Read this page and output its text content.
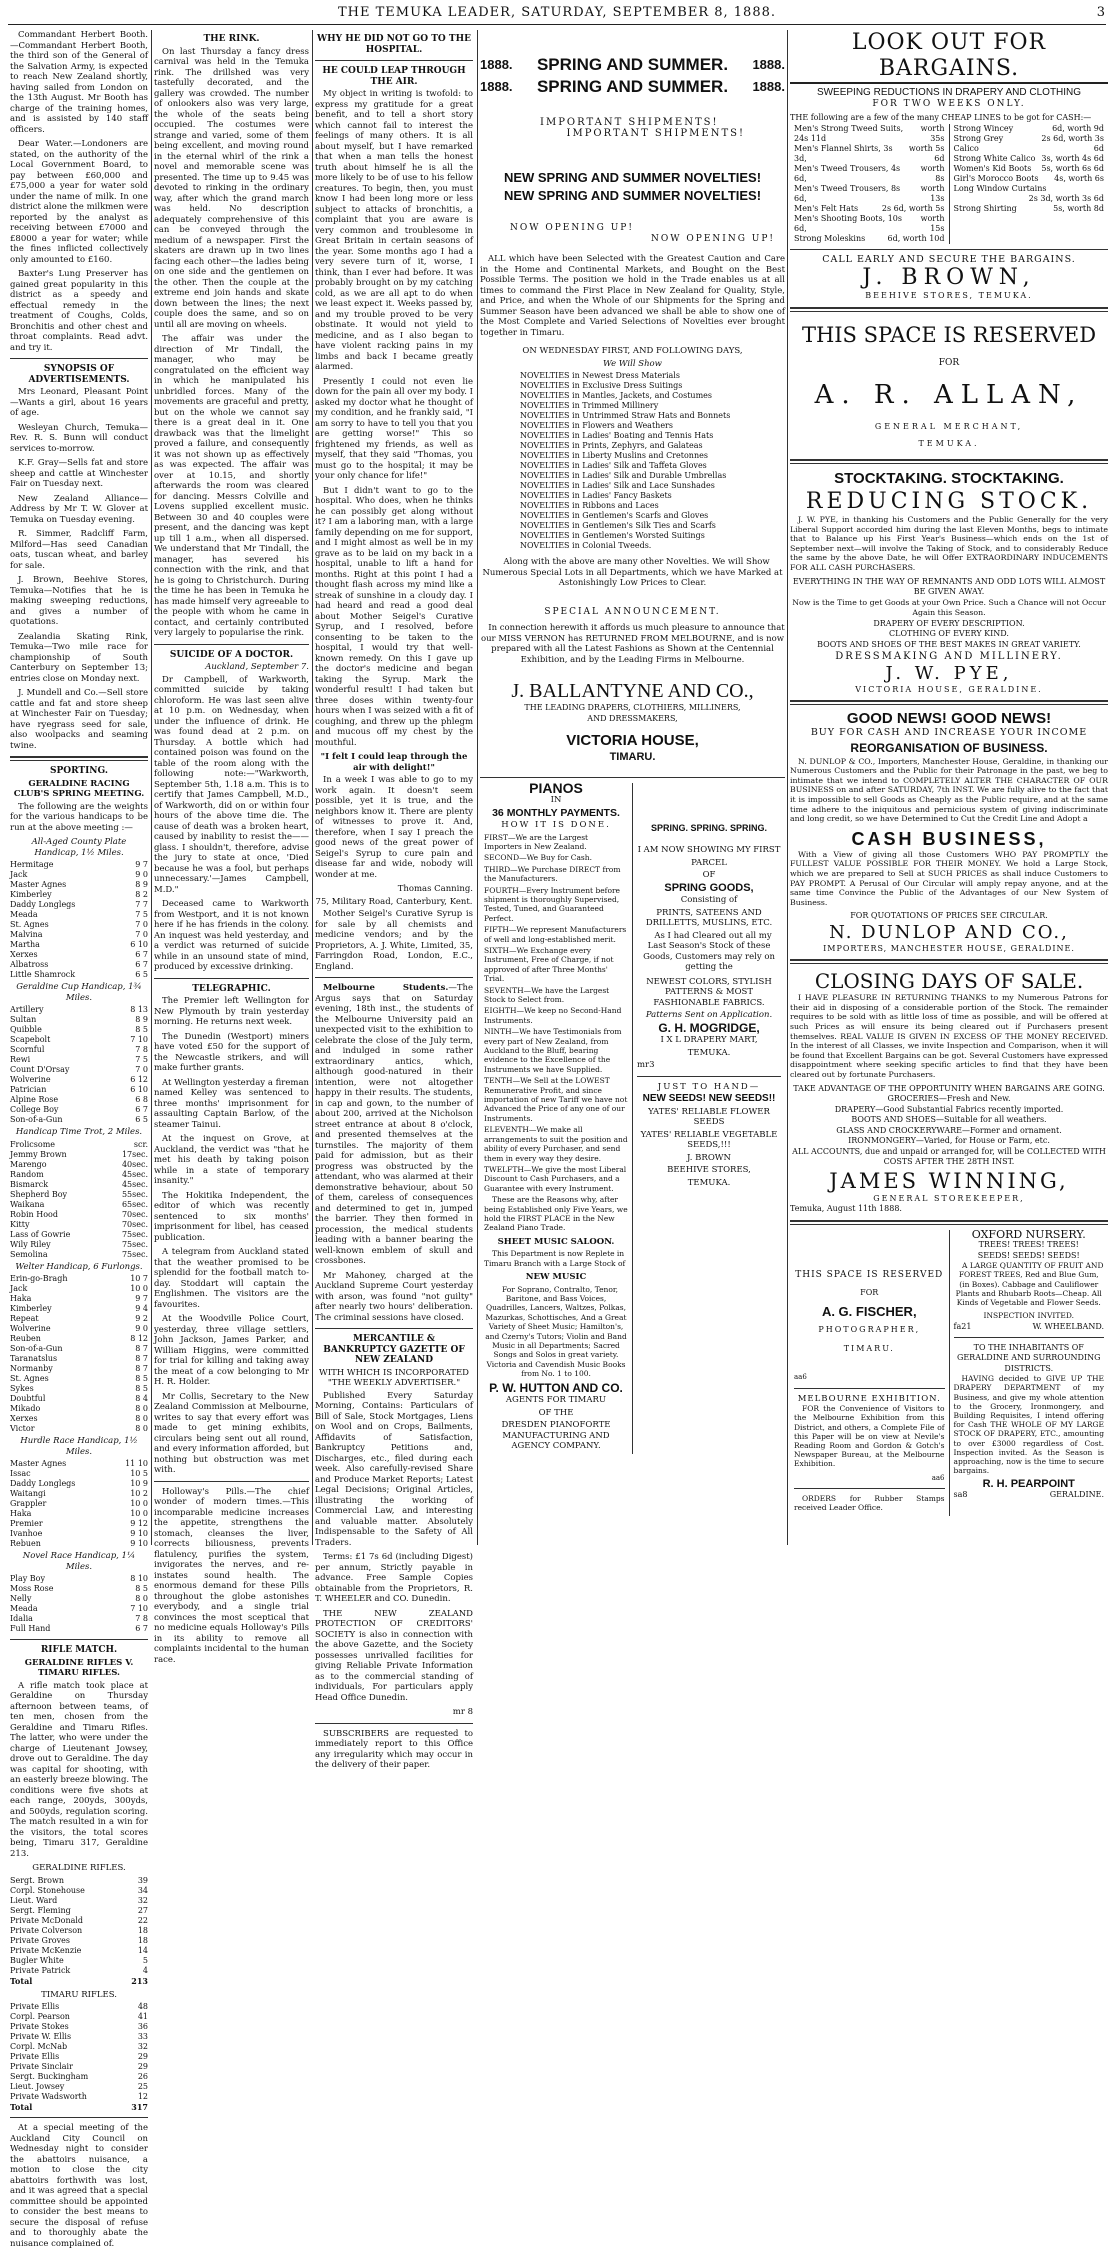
THE TEMUKA LEADER, SATURDAY, SEPTEMBER 8, 1888.	3

Commandant Herbert Booth.—Commandant Herbert Booth, the third son of the General of the Salvation Army, is expected to reach New Zealand shortly, having sailed from London on the 13th August. Mr Booth has charge of the training homes, and is assisted by 140 staff officers.

Dear Water.—Londoners are stated, on the authority of the Local Government Board, to pay between £60,000 and £75,000 a year for water sold under the name of milk. In one district alone the milkmen were reported by the analyst as receiving between £7000 and £8000 a year for water; while the fines inflicted collectively only amounted to £160.

Baxter's Lung Preserver has gained great popularity in this district as a speedy and effectual remedy in the treatment of Coughs, Colds, Bronchitis and other chest and throat complaints. Read advt. and try it.

SYNOPSIS OF ADVERTISEMENTS.

Mrs Leonard, Pleasant Point—Wants a girl, about 16 years of age.

Wesleyan Church, Temuka—Rev. R. S. Bunn will conduct services to-morrow.

K.F. Gray—Sells fat and store sheep and cattle at Winchester Fair on Tuesday next.

New Zealand Alliance—Address by Mr T. W. Glover at Temuka on Tuesday evening.

R. Simmer, Radcliff Farm, Milford—Has seed Canadian oats, tuscan wheat, and barley for sale.

J. Brown, Beehive Stores, Temuka—Notifies that he is making sweeping reductions, and gives a number of quotations.

Zealandia Skating Rink, Temuka—Two mile race for championship of South Canterbury on September 13; entries close on Monday next.

J. Mundell and Co.—Sell store cattle and fat and store sheep at Winchester Fair on Tuesday; have ryegrass seed for sale, also woolpacks and seaming twine.

SPORTING.
GERALDINE RACING CLUB'S SPRING MEETING.

The following are the weights for the various handicaps to be run at the above meeting :—

All-Aged County Plate Handicap, 1½ Miles.
Hermitage	9 7
Jack	9 0
Master Agnes	8 9
Kimberley	8 2
Daddy Longlegs	7 7
Meada	7 5
St. Agnes	7 0
Malvina	7 0
Martha	6 10
Xerxes	6 7
Albatross	6 7
Little Shamrock	6 5
Geraldine Cup Handicap, 1¾ Miles.
Artillery	8 13
Sultan	8 9
Quibble	8 5
Scapebolt	7 10
Scornful	7 8
Rewi	7 5
Count D'Orsay	7 0
Wolverine	6 12
Patrician	6 10
Alpine Rose	6 8
College Boy	6 7
Son-of-a-Gun	6 5
Handicap Time Trot, 2 Miles.
Frolicsome	scr.
Jemmy Brown	17sec.
Marengo	40sec.
Random	45sec.
Bismarck	45sec.
Shepherd Boy	55sec.
Waikana	65sec.
Robin Hood	70sec.
Kitty	70sec.
Lass of Gowrie	75sec.
Wily Riley	75sec.
Semolina	75sec.
Welter Handicap, 6 Furlongs.
Erin-go-Bragh	10 7
Jack	10 0
Haka	9 7
Kimberley	9 4
Repeat	9 2
Wolverine	9 0
Reuben	8 12
Son-of-a-Gun	8 7
Taranatslus	8 7
Normanby	8 7
St. Agnes	8 5
Sykes	8 5
Doubtful	8 4
Mikado	8 0
Xerxes	8 0
Victor	8 0
Hurdle Race Handicap, 1½ Miles.
Master Agnes	11 10
Issac	10 5
Daddy Longlegs	10 9
Waitangi	10 2
Grappler	10 0
Haka	10 0
Premier	9 12
Ivanhoe	9 10
Rebuen	9 10
Novel Race Handicap, 1¼ Miles.
Play Boy	8 10
Moss Rose	8 5
Nelly	8 0
Meada	7 10
Idalia	7 8
Full Hand	6 7
RIFLE MATCH.
GERALDINE RIFLES V. TIMARU RIFLES.

A rifle match took place at Geraldine on Thursday afternoon between teams, of ten men, chosen from the Geraldine and Timaru Rifles. The latter, who were under the charge of Lieutenant Jowsey, drove out to Geraldine. The day was capital for shooting, with an easterly breeze blowing. The conditions were five shots at each range, 200yds, 300yds, and 500yds, regulation scoring. The match resulted in a win for the visitors, the total scores being, Timaru 317, Geraldine 213.

GERALDINE RIFLES.
Sergt. Brown	39
Corpl. Stonehouse	34
Lieut. Ward	32
Sergt. Fleming	27
Private McDonald	22
Private Colverson	18
Private Groves	18
Private McKenzie	14
Bugler White	5
Private Patrick	4
Total	213
TIMARU RIFLES.
Private Ellis	48
Corpl. Pearson	41
Private Stokes	36
Private W. Ellis	33
Corpl. McNab	32
Private Ellis	29
Private Sinclair	29
Sergt. Buckingham	26
Lieut. Jowsey	25
Private Wadsworth	12
Total	317

At a special meeting of the Auckland City Council on Wednesday night to consider the abattoirs nuisance, a motion to close the city abattoirs forthwith was lost, and it was agreed that a special committee should be appointed to consider the best means to secure the disposal of refuse and to thoroughly abate the nuisance complained of.

THE RINK.

On last Thursday a fancy dress carnival was held in the Temuka rink. The drillshed was very tastefully decorated, and the gallery was crowded. The number of onlookers also was very large, the whole of the seats being occupied. The costumes were strange and varied, some of them being excellent, and moving round in the eternal whirl of the rink a novel and memorable scene was presented. The time up to 9.45 was devoted to rinking in the ordinary way, after which the grand march was held. No description adequately comprehensive of this can be conveyed through the medium of a newspaper. First the skaters are drawn up in two lines facing each other—the ladies being on one side and the gentlemen on the other. Then the couple at the extreme end join hands and skate down between the lines; the next couple does the same, and so on until all are moving on wheels.

The affair was under the direction of Mr Tindall, the manager, who may be congratulated on the efficient way in which he manipulated his unbridled forces. Many of the movements are graceful and pretty, but on the whole we cannot say there is a great deal in it. One drawback was that the limelight proved a failure, and consequently it was not shown up as effectively as was expected. The affair was over at 10.15, and shortly afterwards the room was cleared for dancing. Messrs Colville and Lovens supplied excellent music. Between 30 and 40 couples were present, and the dancing was kept up till 1 a.m., when all dispersed. We understand that Mr Tindall, the manager, has severed his connection with the rink, and that he is going to Christchurch. During the time he has been in Temuka he has made himself very agreeable to the people with whom he came in contact, and certainly contributed very largely to popularise the rink.

SUICIDE OF A DOCTOR.
Auckland, September 7.

Dr Campbell, of Warkworth, committed suicide by taking chloroform. He was last seen alive at 10 p.m. on Wednesday, when under the influence of drink. He was found dead at 2 p.m. on Thursday. A bottle which had contained poison was found on the table of the room along with the following note:—"Warkworth, September 5th, 1.18 a.m. This is to certify that James Campbell, M.D., of Warkworth, did on or within four hours of the above time die. The cause of death was a broken heart, caused by inability to resist the——glass. I shouldn't, therefore, advise the jury to state at once, 'Died because he was a fool, but perhaps unnecessary.'—James Campbell, M.D."

Deceased came to Warkworth from Westport, and it is not known here if he has friends in the colony. An inquest was held yesterday, and a verdict was returned of suicide while in an unsound state of mind, produced by excessive drinking.

TELEGRAPHIC.

The Premier left Wellington for New Plymouth by train yesterday morning. He returns next week.

The Dunedin (Westport) miners have voted £50 for the support of the Newcastle strikers, and will make further grants.

At Wellington yesterday a fireman named Kelley was sentenced to three months' imprisonment for assaulting Captain Barlow, of the steamer Tainui.

At the inquest on Grove, at Auckland, the verdict was "that he met his death by taking poison while in a state of temporary insanity."

The Hokitika Independent, the editor of which was recently sentenced to six months' imprisonment for libel, has ceased publication.

A telegram from Auckland stated that the weather promised to be splendid for the football match to-day. Stoddart will captain the Englishmen. The visitors are the favourites.

At the Woodville Police Court, yesterday, three village settlers, John Jackson, James Parker, and William Higgins, were committed for trial for killing and taking away the meat of a cow belonging to Mr H. R. Holder.

Mr Collis, Secretary to the New Zealand Commission at Melbourne, writes to say that every effort was made to get mining exhibits, circulars being sent out all round, and every information afforded, but nothing but obstruction was met with.

Holloway's Pills.—The chief wonder of modern times.—This incomparable medicine increases the appetite, strengthens the stomach, cleanses the liver, corrects biliousness, prevents flatulency, purifies the system, invigorates the nerves, and re-instates sound health. The enormous demand for these Pills throughout the globe astonishes everybody, and a single trial convinces the most sceptical that no medicine equals Holloway's Pills in its ability to remove all complaints incidental to the human race.

WHY HE DID NOT GO TO THE HOSPITAL.
HE COULD LEAP THROUGH THE AIR.

My object in writing is twofold: to express my gratitude for a great benefit, and to tell a short story which cannot fail to interest the feelings of many others. It is all about myself, but I have remarked that when a man tells the honest truth about himself he is all the more likely to be of use to his fellow creatures. To begin, then, you must know I had been long more or less subject to attacks of bronchitis, a complaint that you are aware is very common and troublesome in Great Britain in certain seasons of the year. Some months ago I had a very severe turn of it, worse, I think, than I ever had before. It was probably brought on by my catching cold, as we are all apt to do when we least expect it. Weeks passed by, and my trouble proved to be very obstinate. It would not yield to medicine, and as I also began to have violent racking pains in my limbs and back I became greatly alarmed.

Presently I could not even lie down for the pain all over my body. I asked my doctor what he thought of my condition, and he frankly said, "I am sorry to have to tell you that you are getting worse!" This so frightened my friends, as well as myself, that they said "Thomas, you must go to the hospital; it may be your only chance for life!"

But I didn't want to go to the hospital. Who does, when he thinks he can possibly get along without it? I am a laboring man, with a large family depending on me for support, and I might almost as well be in my grave as to be laid on my back in a hospital, unable to lift a hand for months. Right at this point I had a thought flash across my mind like a streak of sunshine in a cloudy day. I had heard and read a good deal about Mother Seigel's Curative Syrup, and I resolved, before consenting to be taken to the hospital, I would try that well-known remedy. On this I gave up the doctor's medicine and began taking the Syrup. Mark the wonderful result! I had taken but three doses within twenty-four hours when I was seized with a fit of coughing, and threw up the phlegm and mucous off my chest by the mouthful.

"I felt I could leap through the air with delight!"

In a week I was able to go to my work again. It doesn't seem possible, yet it is true, and the neighbors know it. There are plenty of witnesses to prove it. And, therefore, when I say I preach the good news of the great power of Seigel's Syrup to cure pain and disease far and wide, nobody will wonder at me.

Thomas Canning.
75, Military Road, Canterbury, Kent.

Mother Seigel's Curative Syrup is for sale by all chemists and medicine vendors; and by the Proprietors, A. J. White, Limited, 35, Farringdon Road, London, E.C., England.

Melbourne Students.—The Argus says that on Saturday evening, 18th inst., the students of the Melbourne University paid an unexpected visit to the exhibition to celebrate the close of the July term, and indulged in some rather extraordinary antics, which, although good-natured in their intention, were not altogether happy in their results. The students, in cap and gown, to the number of about 200, arrived at the Nicholson street entrance at about 8 o'clock, and presented themselves at the turnstiles. The majority of them paid for admission, but as their progress was obstructed by the attendant, who was alarmed at their demonstrative behaviour, about 50 of them, careless of consequences and determined to get in, jumped the barrier. They then formed in procession, the medical students leading with a banner bearing the well-known emblem of skull and crossbones.

Mr Mahoney, charged at the Auckland Supreme Court yesterday with arson, was found "not guilty" after nearly two hours' deliberation. The criminal sessions have closed.

MERCANTILE & BANKRUPTCY GAZETTE OF NEW ZEALAND
WITH WHICH IS INCORPORATED "THE WEEKLY ADVERTISER."

Published Every Saturday Morning, Contains: Particulars of Bill of Sale, Stock Mortgages, Liens on Wool and on Crops, Bailments, Affidavits of Satisfaction, Bankruptcy Petitions and, Discharges, etc., filed during each week. Also carefully-revised Share and Produce Market Reports; Latest Legal Decisions; Original Articles, illustrating the working of Commercial Law, and interesting and valuable matter. Absolutely Indispensable to the Safety of All Traders.

Terms: £1 7s 6d (including Digest) per annum, Strictly payable in advance. Free Sample Copies obtainable from the Proprietors, R. T. WHEELER and CO. Dunedin.

THE NEW ZEALAND PROTECTION OF CREDITORS' SOCIETY is also in connection with the above Gazette, and the Society possesses unrivalled facilities for giving Reliable Private Information as to the commercial standing of individuals, For particulars apply Head Office Dunedin.

mr 8

SUBSCRIBERS are requested to immediately report to this Office any irregularity which may occur in the delivery of their paper.

1888. SPRING AND SUMMER. 1888.
1888. SPRING AND SUMMER. 1888.
IMPORTANT SHIPMENTS!
IMPORTANT SHIPMENTS!
NEW SPRING AND SUMMER NOVELTIES!
NEW SPRING AND SUMMER NOVELTIES!
NOW OPENING UP!
NOW OPENING UP!

ALL which have been Selected with the Greatest Caution and Care in the Home and Continental Markets, and Bought on the Best Possible Terms. The position we hold in the Trade enables us at all times to command the First Place in New Zealand for Quality, Style, and Price, and when the Whole of our Shipments for the Spring and Summer Season have been advanced we shall be able to show one of the Most Complete and Varied Selections of Novelties ever brought together in Timaru.

ON WEDNESDAY FIRST, AND FOLLOWING DAYS,
We Will Show
NOVELTIES in Newest Dress Materials
NOVELTIES in Exclusive Dress Suitings
NOVELTIES in Mantles, Jackets, and Costumes
NOVELTIES in Trimmed Millinery
NOVELTIES in Untrimmed Straw Hats and Bonnets
NOVELTIES in Flowers and Weathers
NOVELTIES in Ladies' Boating and Tennis Hats
NOVELTIES in Prints, Zephyrs, and Galateas
NOVELTIES in Liberty Muslins and Cretonnes
NOVELTIES in Ladies' Silk and Taffeta Gloves
NOVELTIES in Ladies' Silk and Durable Umbrellas
NOVELTIES in Ladies' Silk and Lace Sunshades
NOVELTIES in Ladies' Fancy Baskets
NOVELTIES in Ribbons and Laces
NOVELTIES in Gentlemen's Scarfs and Gloves
NOVELTIES in Gentlemen's Silk Ties and Scarfs
NOVELTIES in Gentlemen's Worsted Suitings
NOVELTIES in Colonial Tweeds.

Along with the above are many other Novelties. We will Show Numerous Special Lots in all Departments, which we have Marked at Astonishingly Low Prices to Clear.

SPECIAL ANNOUNCEMENT.

In connection herewith it affords us much pleasure to announce that our MISS VERNON has RETURNED FROM MELBOURNE, and is now prepared with all the Latest Fashions as Shown at the Centennial Exhibition, and by the Leading Firms in Melbourne.

J. BALLANTYNE AND CO.,
THE LEADING DRAPERS, CLOTHIERS, MILLINERS,
AND DRESSMAKERS,
VICTORIA HOUSE,
TIMARU.
PIANOS
IN
36 MONTHLY PAYMENTS.
HOW IT IS DONE.
FIRST—We are the Largest Importers in New Zealand.
SECOND—We Buy for Cash.
THIRD—We Purchase DIRECT from the Manufacturers.
FOURTH—Every Instrument before shipment is thoroughly Supervised, Tested, Tuned, and Guaranteed Perfect.
FIFTH—We represent Manufacturers of well and long-established merit.
SIXTH—We Exchange every Instrument, Free of Charge, if not approved of after Three Months' Trial.
SEVENTH—We have the Largest Stock to Select from.
EIGHTH—We keep no Second-Hand Instruments.
NINTH—We have Testimonials from every part of New Zealand, from Auckland to the Bluff, bearing evidence to the Excellence of the Instruments we have Supplied.
TENTH—We Sell at the LOWEST Remunerative Profit, and since importation of new Tariff we have not Advanced the Price of any one of our Instruments.
ELEVENTH—We make all arrangements to suit the position and ability of every Purchaser, and send them in every way they desire.
TWELFTH—We give the most Liberal Discount to Cash Purchasers, and a Guarantee with every Instrument.

These are the Reasons why, after being Established only Five Years, we hold the FIRST PLACE in the New Zealand Piano Trade.

SHEET MUSIC SALOON.

This Department is now Replete in Timaru Branch with a Large Stock of

NEW MUSIC

For Soprano, Contralto, Tenor, Baritone, and Bass Voices, Quadrilles, Lancers, Waltzes, Polkas, Mazurkas, Schottisches, And a Great Variety of Sheet Music; Hamilton's, and Czerny's Tutors; Violin and Band Music in all Departments; Sacred Songs and Solos in great variety. Victoria and Cavendish Music Books from No. 1 to 100.

P. W. HUTTON AND CO.
AGENTS FOR TIMARU
OF THE
DRESDEN PIANOFORTE MANUFACTURING AND AGENCY COMPANY.
SPRING. SPRING. SPRING.
I AM NOW SHOWING MY FIRST
PARCEL
OF
SPRING GOODS,
Consisting of
PRINTS, SATEENS AND DRILLETTS, MUSLINS, ETC.

As I had Cleared out all my Last Season's Stock of these Goods, Customers may rely on getting the

NEWEST COLORS, STYLISH PATTERNS & MOST FASHIONABLE FABRICS.
Patterns Sent on Application.
G. H. MOGRIDGE,
I X L DRAPERY MART,
TEMUKA.
mr3
JUST TO HAND—
NEW SEEDS! NEW SEEDS!!
YATES' RELIABLE FLOWER SEEDS
YATES' RELIABLE VEGETABLE SEEDS,!!!
J. BROWN
BEEHIVE STORES,
TEMUKA.
LOOK OUT FOR BARGAINS.
SWEEPING REDUCTIONS IN DRAPERY AND CLOTHING
FOR TWO WEEKS ONLY.
THE following are a few of the many CHEAP LINES to be got for CASH:—
Men's Strong Tweed Suits, 24s 11d
worth 35s
Men's Flannel Shirts, 3s 3d,
worth 5s 6d
Men's Tweed Trousers, 4s 6d,
worth 8s
Men's Tweed Trousers, 8s 6d,
worth 13s
Men's Felt Hats	2s 6d, worth 5s
Men's Shooting Boots, 10s 6d,
worth 15s
Strong Moleskins	6d, worth 10d
Strong Wincey	6d, worth 9d
Strong Grey Calico
2s 6d, worth 3s 6d
Strong White Calico 3s, worth 4s 6d
Women's Kid Boots 5s, worth 6s 6d
Girl's Morocco Boots 4s, worth 6s
Long Window Curtains
2s 3d, worth 3s 6d
Strong Shirting	5s, worth 8d
CALL EARLY AND SECURE THE BARGAINS.
J. BROWN,
BEEHIVE STORES, TEMUKA.
THIS SPACE IS RESERVED
FOR
A. R. ALLAN,
GENERAL MERCHANT,
TEMUKA.
STOCKTAKING. STOCKTAKING.
REDUCING STOCK.

J. W. PYE, in thanking his Customers and the Public Generally for the very Liberal Support accorded him during the last Eleven Months, begs to intimate that to Balance up his First Year's Business—which ends on the 1st of September next—will involve the Taking of Stock, and to considerably Reduce the same by the above Date, he will Offer EXTRAORDINARY INDUCEMENTS FOR ALL CASH PURCHASERS.

EVERYTHING IN THE WAY OF REMNANTS AND ODD LOTS WILL ALMOST BE GIVEN AWAY.
Now is the Time to get Goods at your Own Price. Such a Chance will not Occur Again this Season.
DRAPERY OF EVERY DESCRIPTION.
CLOTHING OF EVERY KIND.
BOOTS AND SHOES OF THE BEST MAKES IN GREAT VARIETY.
DRESSMAKING AND MILLINERY.
J. W. PYE,
VICTORIA HOUSE, GERALDINE.
GOOD NEWS! GOOD NEWS!
BUY FOR CASH AND INCREASE YOUR INCOME
REORGANISATION OF BUSINESS.

N. DUNLOP & CO., Importers, Manchester House, Geraldine, in thanking our Numerous Customers and the Public for their Patronage in the past, we beg to intimate that we intend to COMPLETELY ALTER THE CHARACTER OF OUR BUSINESS on and after SATURDAY, 7th INST. We are fully alive to the fact that it is impossible to sell Goods as Cheaply as the Public require, and at the same time adhere to the iniquitous and pernicious system of giving indiscriminate and long credit, so we have Determined to Cut the Credit Line and Adopt a

CASH BUSINESS,

With a View of giving all those Customers WHO PAY PROMPTLY the FULLEST VALUE POSSIBLE FOR THEIR MONEY. We hold a Large Stock, which we are prepared to Sell at SUCH PRICES as shall induce Customers to PAY PROMPT. A Perusal of Our Circular will amply repay anyone, and at the same time Convince the Public of the Advantages of our New System of Business.

FOR QUOTATIONS OF PRICES SEE CIRCULAR.
N. DUNLOP AND CO.,
IMPORTERS, MANCHESTER HOUSE, GERALDINE.
CLOSING DAYS OF SALE.

I HAVE PLEASURE IN RETURNING THANKS to my Numerous Patrons for their aid in disposing of a considerable portion of the Stock. The remainder requires to be sold with as little loss of time as possible, and will be offered at such Prices as will ensure its being cleared out if Purchasers present themselves. REAL VALUE IS GIVEN IN EXCESS OF THE MONEY RECEIVED. In the interest of all Classes, we invite Inspection and Comparison, when it will be found that Excellent Bargains can be got. Several Customers have expressed disappointment where seeking specific articles to find that they have been cleared out by fortunate Purchasers.

TAKE ADVANTAGE OF THE OPPORTUNITY WHEN BARGAINS ARE GOING.
GROCERIES—Fresh and New.
DRAPERY—Good Substantial Fabrics recently imported.
BOOTS AND SHOES—Suitable for all weathers.
GLASS AND CROCKERYWARE—Former and ornament.
IRONMONGERY—Varied, for House or Farm, etc.
ALL ACCOUNTS, due and unpaid or arranged for, will be COLLECTED WITH COSTS AFTER THE 28TH INST.
JAMES WINNING,
GENERAL STOREKEEPER,
Temuka, August 11th 1888.
THIS SPACE IS RESERVED
FOR
A. G. FISCHER,
PHOTOGRAPHER,
TIMARU.
aa6
MELBOURNE EXHIBITION.

FOR the Convenience of Visitors to the Melbourne Exhibition from this District, and others, a Complete File of this Paper will be on view at Nevile's Reading Room and Gordon & Gotch's Newspaper Bureau, at the Melbourne Exhibition.

aa6

ORDERS for Rubber Stamps received Leader Office.

OXFORD NURSERY.
TREES! TREES! TREES!
SEEDS! SEEDS! SEEDS!

A LARGE QUANTITY OF FRUIT AND FOREST TREES, Red and Blue Gum, (in Boxes). Cabbage and Cauliflower Plants and Rhubarb Roots—Cheap. All Kinds of Vegetable and Flower Seeds.

INSPECTION INVITED.
fa21	W. WHEELBAND.
TO THE INHABITANTS OF GERALDINE AND SURROUNDING DISTRICTS.

HAVING decided to GIVE UP THE DRAPERY DEPARTMENT of my Business, and give my whole attention to the Grocery, Ironmongery, and Building Requisites, I intend offering for Cash THE WHOLE OF MY LARGE STOCK OF DRAPERY, ETC., amounting to over £3000 regardless of Cost. Inspection invited. As the Season is approaching, now is the time to secure bargains.

R. H. PEARPOINT
sa8	GERALDINE.
